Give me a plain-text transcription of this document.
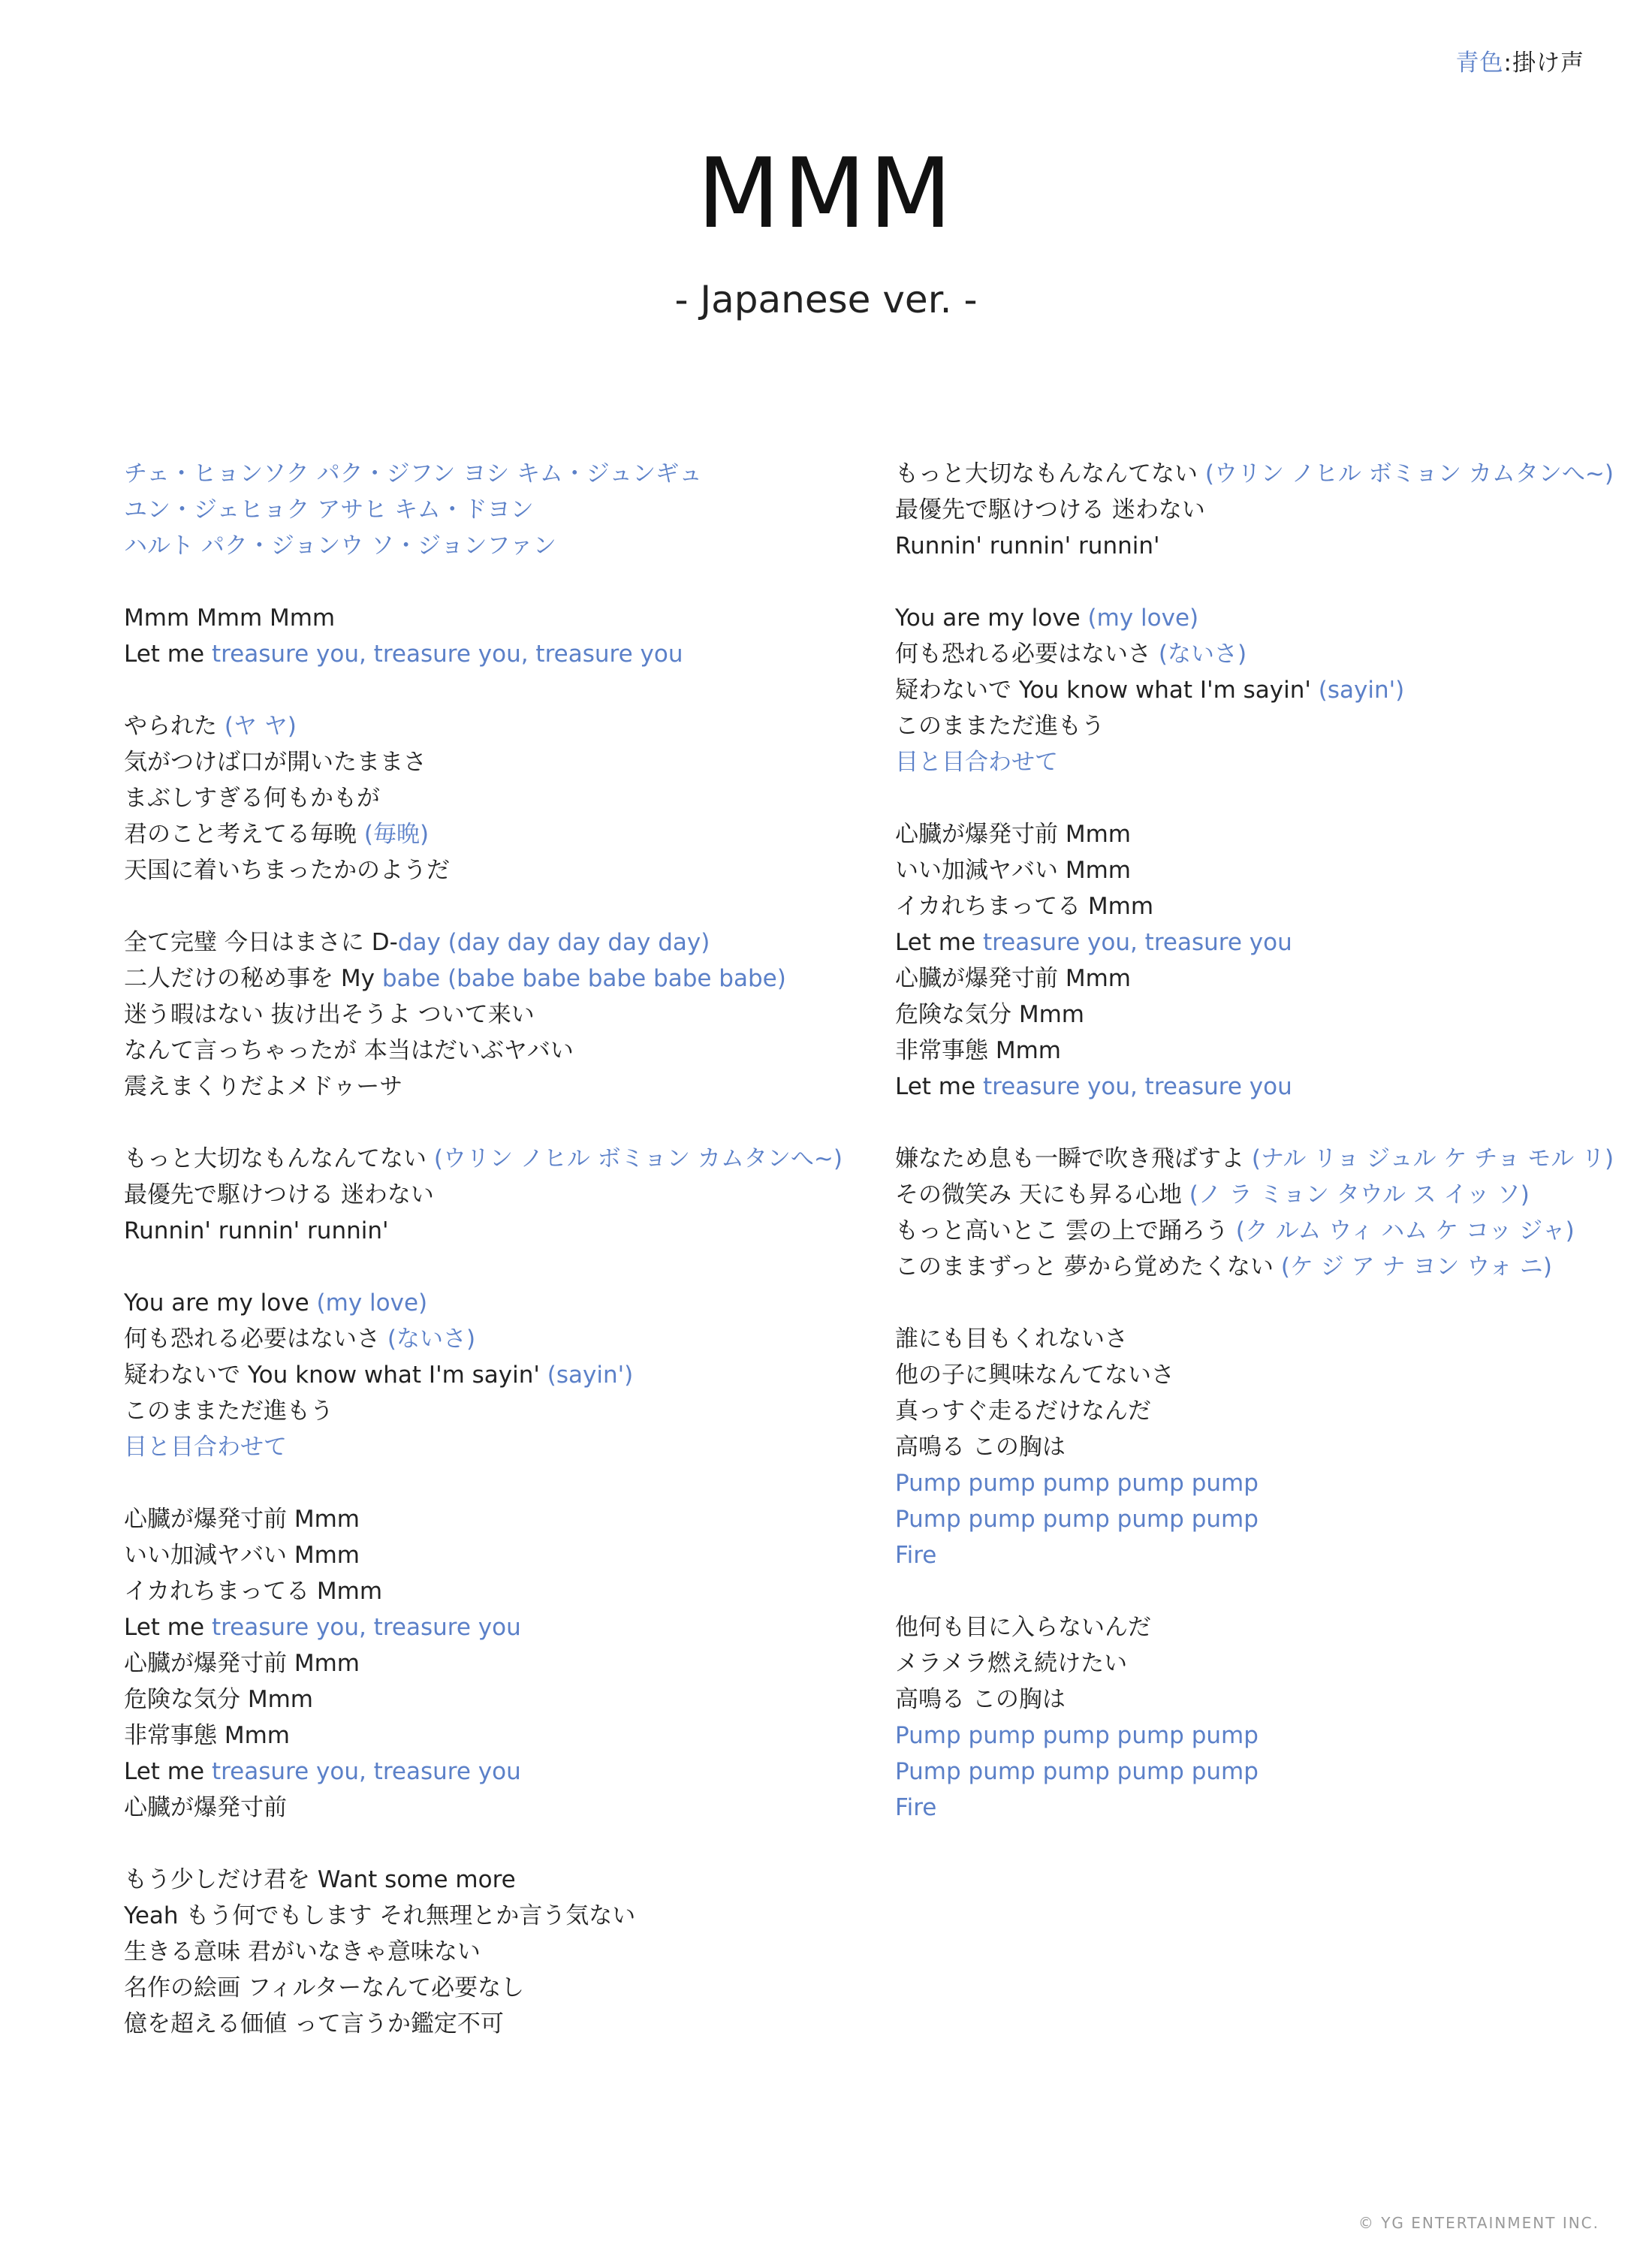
青色:掛け声
MMM
- Japanese ver. -
チェ・ヒョンソク パク・ジフン ヨシ キム・ジュンギュ
ユン・ジェヒョク アサヒ キム・ドヨン
ハルト パク・ジョンウ ソ・ジョンファン
Mmm Mmm Mmm
Let me treasure you, treasure you, treasure you
やられた (ヤ ヤ)
気がつけば口が開いたままさ
まぶしすぎる何もかもが
君のこと考えてる毎晩 (毎晩)
天国に着いちまったかのようだ
全て完璧 今日はまさに D-day (day day day day day)
二人だけの秘め事を My babe (babe babe babe babe babe)
迷う暇はない 抜け出そうよ ついて来い
なんて言っちゃったが 本当はだいぶヤバい
震えまくりだよメドゥーサ
もっと大切なもんなんてない (ウリン ノヒル ボミョン カムタンへ~)
最優先で駆けつける 迷わない
Runnin' runnin' runnin'
You are my love (my love)
何も恐れる必要はないさ (ないさ)
疑わないで You know what I'm sayin' (sayin')
このままただ進もう
目と目合わせて
心臓が爆発寸前 Mmm
いい加減ヤバい Mmm
イカれちまってる Mmm
Let me treasure you, treasure you
心臓が爆発寸前 Mmm
危険な気分 Mmm
非常事態 Mmm
Let me treasure you, treasure you
心臓が爆発寸前
もう少しだけ君を Want some more
Yeah もう何でもします それ無理とか言う気ない
生きる意味 君がいなきゃ意味ない
名作の絵画 フィルターなんて必要なし
億を超える価値 って言うか鑑定不可
もっと大切なもんなんてない (ウリン ノヒル ボミョン カムタンへ~)
最優先で駆けつける 迷わない
Runnin' runnin' runnin'
You are my love (my love)
何も恐れる必要はないさ (ないさ)
疑わないで You know what I'm sayin' (sayin')
このままただ進もう
目と目合わせて
心臓が爆発寸前 Mmm
いい加減ヤバい Mmm
イカれちまってる Mmm
Let me treasure you, treasure you
心臓が爆発寸前 Mmm
危険な気分 Mmm
非常事態 Mmm
Let me treasure you, treasure you
嫌なため息も一瞬で吹き飛ばすよ (ナル リョ ジュル ケ チョ モル リ)
その微笑み 天にも昇る心地 (ノ ラ ミョン タウル ス イッ ソ)
もっと高いとこ 雲の上で踊ろう (ク ルム ウィ ハム ケ コッ ジャ)
このままずっと 夢から覚めたくない (ケ ジ ア ナ ヨン ウォ ニ)
誰にも目もくれないさ
他の子に興味なんてないさ
真っすぐ走るだけなんだ
高鳴る この胸は
Pump pump pump pump pump
Pump pump pump pump pump
Fire
他何も目に入らないんだ
メラメラ燃え続けたい
高鳴る この胸は
Pump pump pump pump pump
Pump pump pump pump pump
Fire
© YG ENTERTAINMENT INC.
